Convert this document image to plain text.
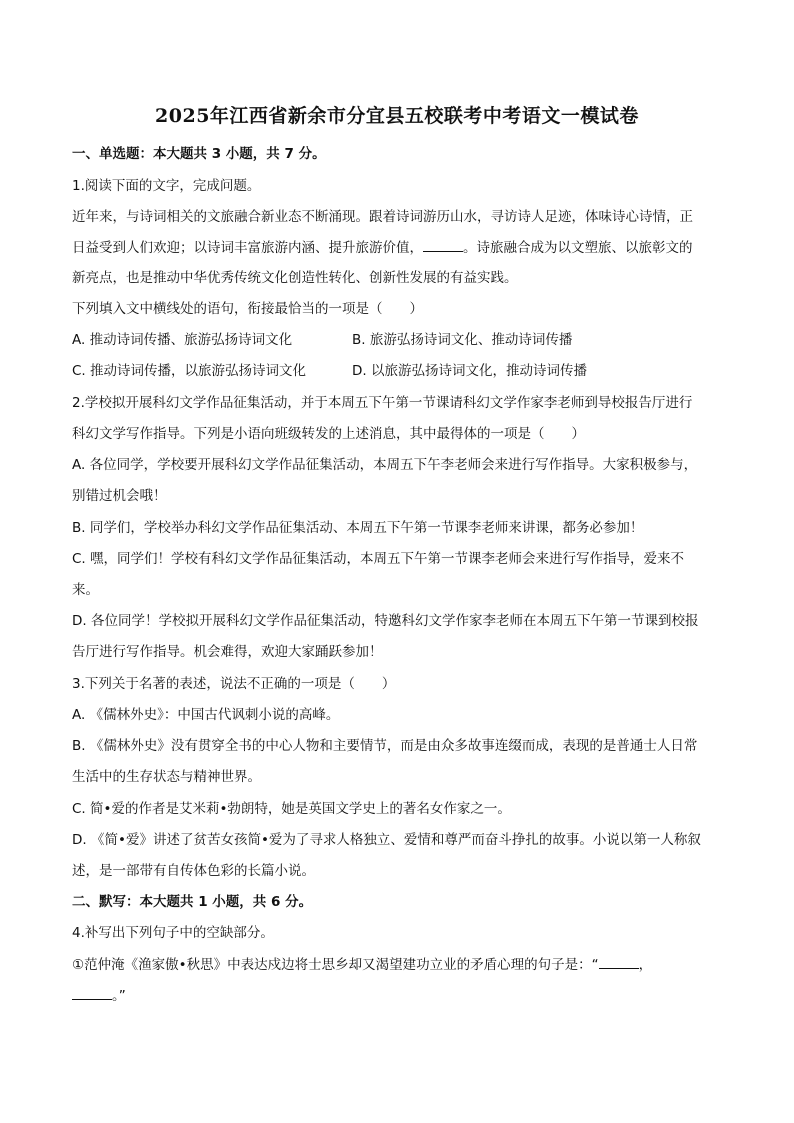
2025年江西省新余市分宜县五校联考中考语文一模试卷
一、单选题：本大题共 3 小题，共 7 分。
1.阅读下面的文字，完成问题。
近年来，与诗词相关的文旅融合新业态不断涌现。跟着诗词游历山水，寻访诗人足迹，体味诗心诗情，正
日益受到人们欢迎；以诗词丰富旅游内涵、提升旅游价值，	。诗旅融合成为以文塑旅、以旅彰文的
新亮点，也是推动中华优秀传统文化创造性转化、创新性发展的有益实践。
下列填入文中横线处的语句，衔接最恰当的一项是（　　）
A. 推动诗词传播、旅游弘扬诗词文化	B. 旅游弘扬诗词文化、推动诗词传播
C. 推动诗词传播，以旅游弘扬诗词文化	D. 以旅游弘扬诗词文化，推动诗词传播
2.学校拟开展科幻文学作品征集活动，并于本周五下午第一节课请科幻文学作家李老师到导校报告厅进行
科幻文学写作指导。下列是小语向班级转发的上述消息，其中最得体的一项是（　　）
A. 各位同学，学校要开展科幻文学作品征集活动，本周五下午李老师会来进行写作指导。大家积极参与，
别错过机会哦！
B. 同学们，学校举办科幻文学作品征集活动、本周五下午第一节课李老师来讲课，都务必参加！
C. 嘿，同学们！学校有科幻文学作品征集活动，本周五下午第一节课李老师会来进行写作指导，爱来不
来。
D. 各位同学！学校拟开展科幻文学作品征集活动，特邀科幻文学作家李老师在本周五下午第一节课到校报
告厅进行写作指导。机会难得，欢迎大家踊跃参加！
3.下列关于名著的表述，说法不正确的一项是（　　）
A. 《儒林外史》：中国古代讽刺小说的高峰。
B. 《儒林外史》没有贯穿全书的中心人物和主要情节，而是由众多故事连缀而成，表现的是普通士人日常
生活中的生存状态与精神世界。
C. 简•爱的作者是艾米莉•勃朗特，她是英国文学史上的著名女作家之一。
D. 《简•爱》讲述了贫苦女孩简•爱为了寻求人格独立、爱情和尊严而奋斗挣扎的故事。小说以第一人称叙
述，是一部带有自传体色彩的长篇小说。
二、默写：本大题共 1 小题，共 6 分。
4.补写出下列句子中的空缺部分。
①范仲淹《渔家傲•秋思》中表达戍边将士思乡却又渴望建功立业的矛盾心理的句子是：“	，
。”
